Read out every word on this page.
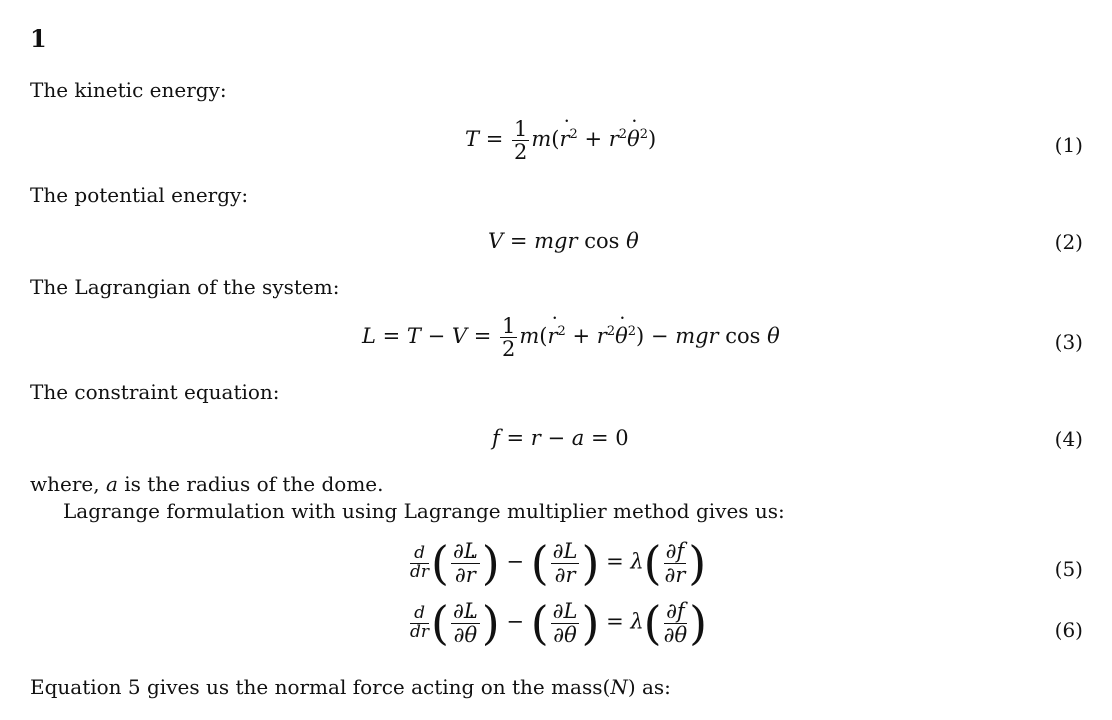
1
The kinetic energy:
$T = \frac{1}{2} m(r$ ˙$^2$ + $r^2\theta$ ˙$^2$)	(1)
The potential energy:
V = mgr cos θ	(2)
The Lagrangian of the system:
$L = T - V = \frac{1}{2} m(r$ ˙$^2$ + $r^2\theta$ ˙$^2$) − mgr cos θ	(3)
The constraint equation:
f = r − a = 0	(4)
where, a is the radius of the dome.
Lagrange formulation with using Lagrange multiplier method gives us:
$\frac{d}{dr}$ ( $\frac{\partial L}{\partial r}$ ˙ ) − ( $\frac{\partial L}{\partial r}$ ) = $\lambda( \frac{\partial f}{\partial r}$ )	(5)
$\frac{d}{dr}$ ( $\frac{\partial L}{\partial\theta}$ ˙ ) − ( $\frac{\partial L}{\partial\theta}$ ) = $\lambda( \frac{\partial f}{\partial\theta}$ )	(6)
Equation 5 gives us the normal force acting on the mass(N) as:
